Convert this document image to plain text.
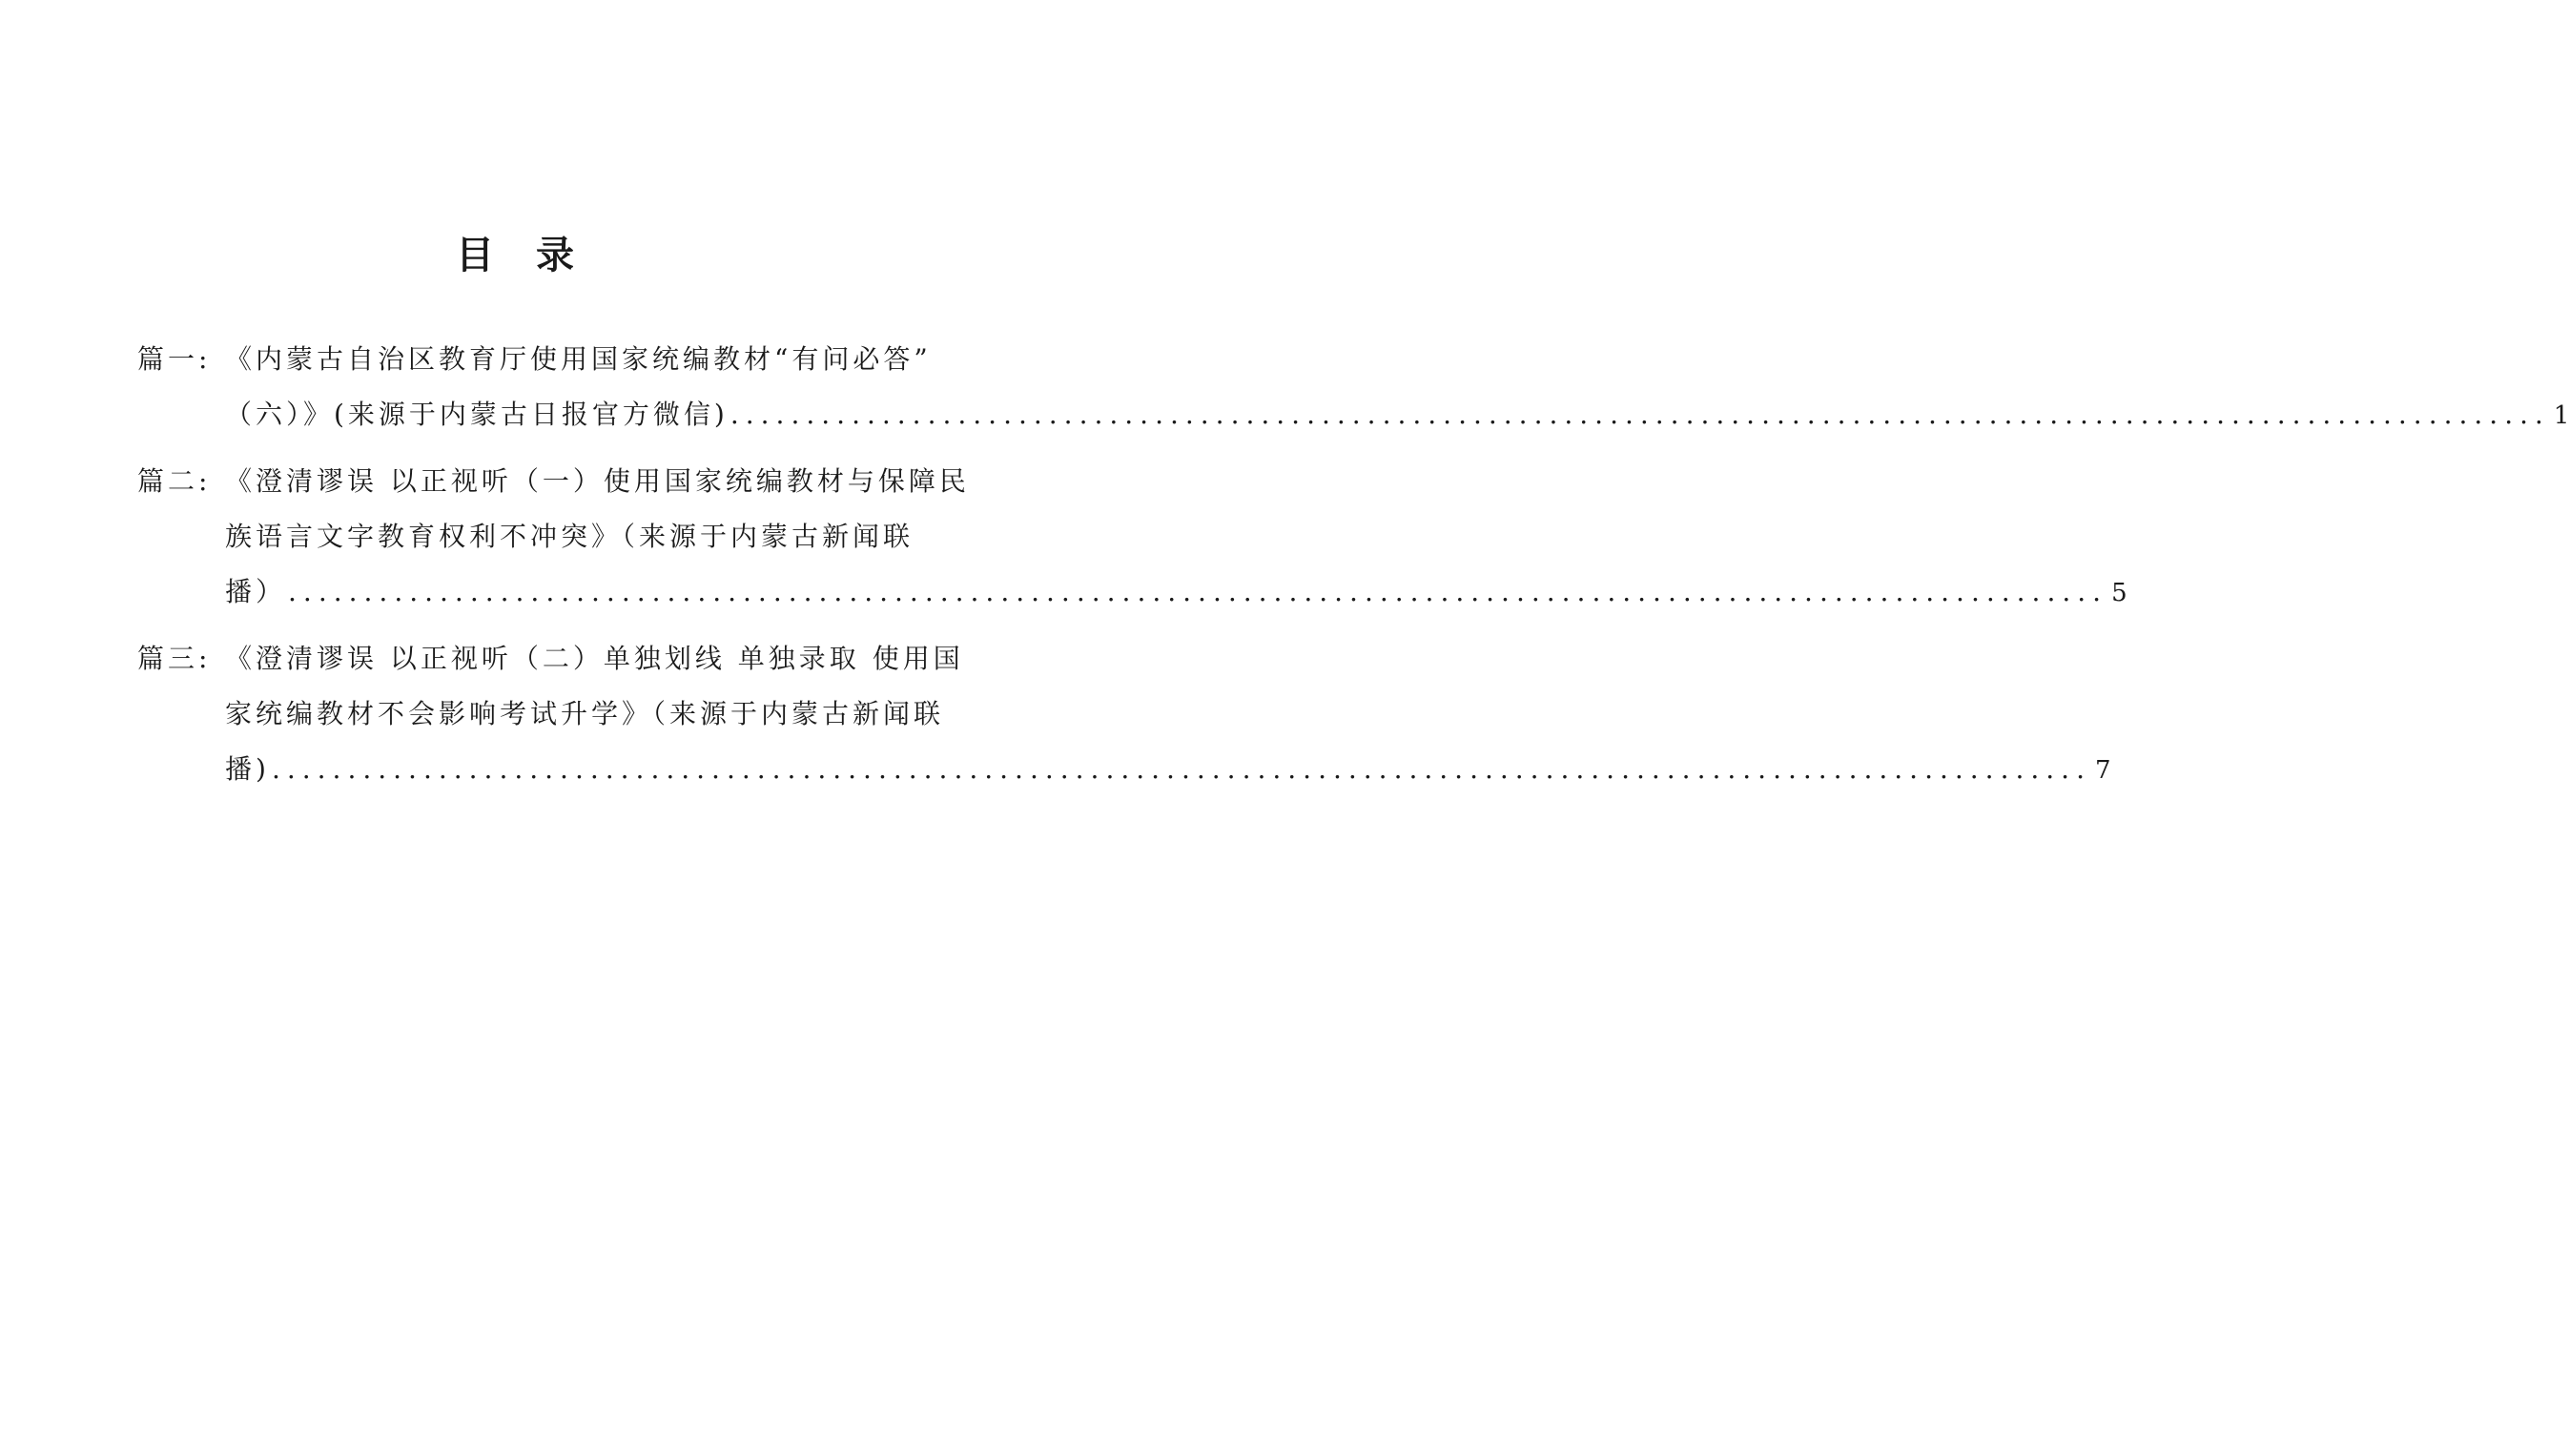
目 录
篇一: 《内蒙古自治区教育厅使用国家统编教材“有问必答”
（六）》(来源于内蒙古日报官方微信) .....	1
篇二: 《澄清谬误 以正视听（一）使用国家统编教材与保障民
族语言文字教育权利不冲突》（来源于内蒙古新闻联
播） .....	5
篇三: 《澄清谬误 以正视听（二）单独划线 单独录取 使用国
家统编教材不会影响考试升学》（来源于内蒙古新闻联
播) .....	7
